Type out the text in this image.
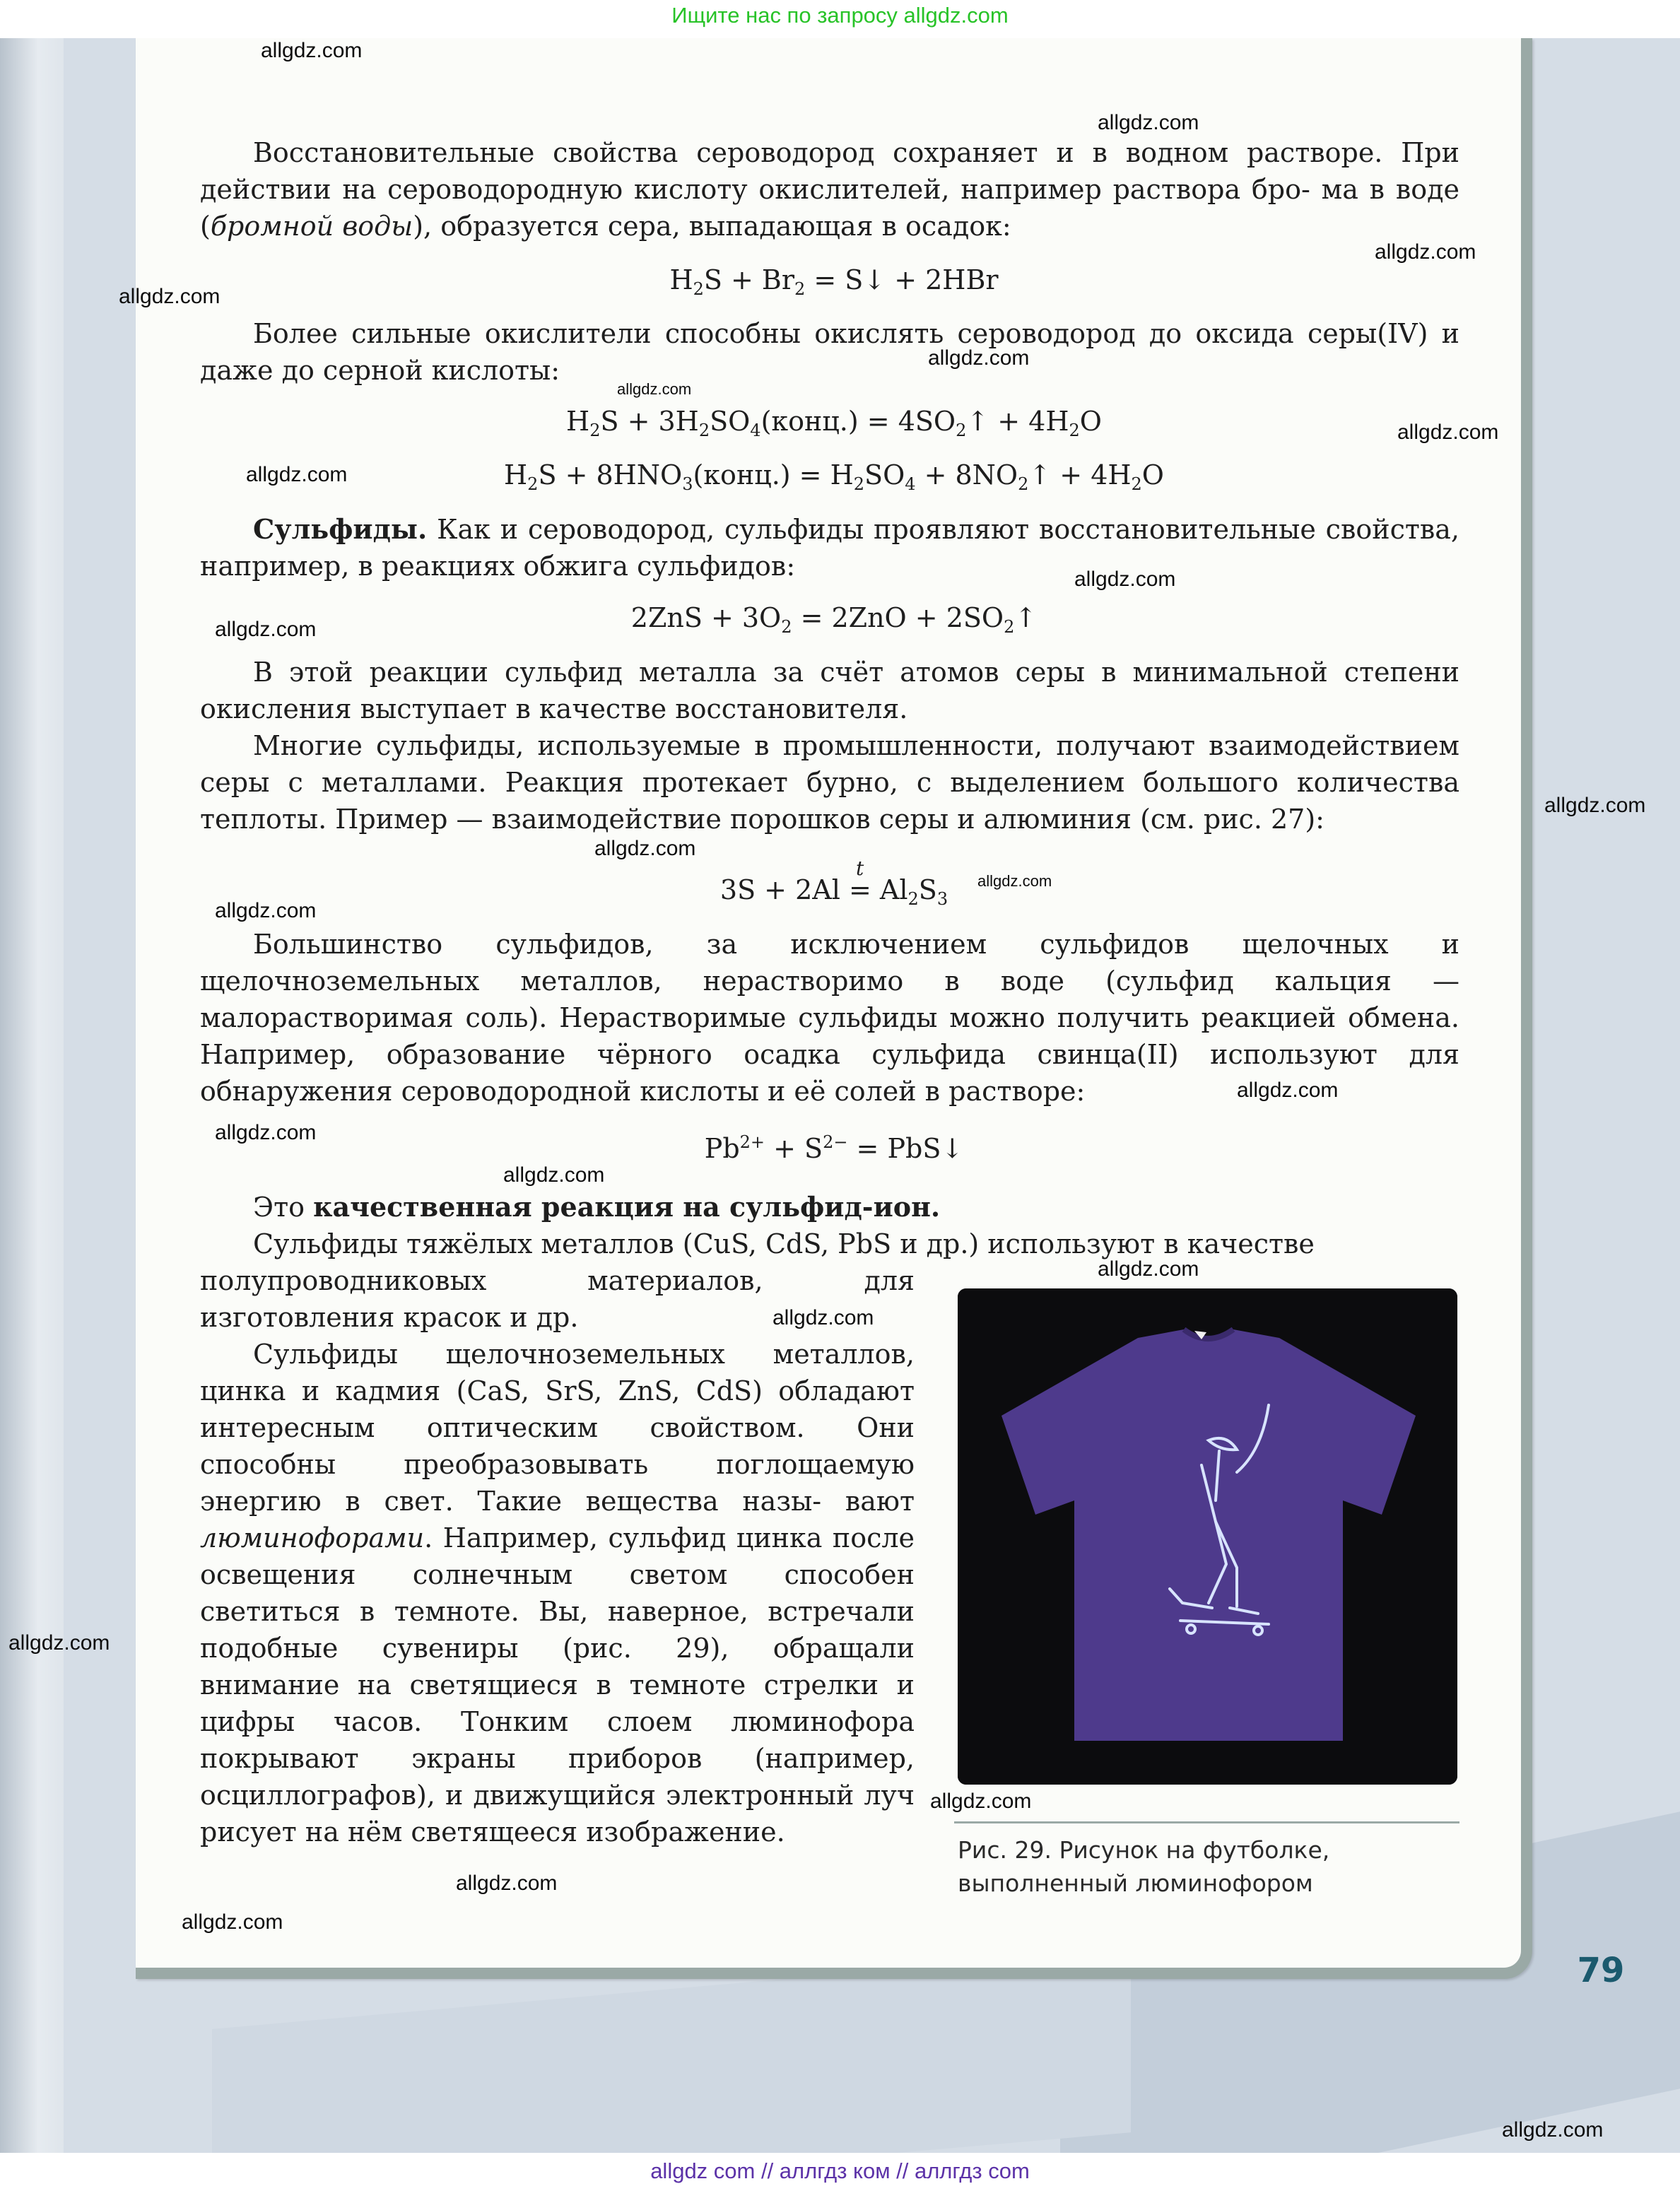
Ищите нас по запросу allgdz.com
79

Восстановительные свойства сероводород сохраняет и в водном растворе. При действии на сероводородную кислоту окислителей, например раствора бро- ма в воде (бромной воды), образуется сера, выпадающая в осадок:

$H_2S + Br_2$ = S↓ + 2HBr

Более сильные окислители способны окислять сероводород до оксида серы(IV) и даже до серной кислоты:

$H_2S$ + $3H_2SO_4(конц.)$ = $4SO_2↑ + 4H_2O$
$H_2S$ + $8HNO_3(конц.) = H_2SO_4$ + $8NO_2↑ + 4H_2O$

Сульфиды. Как и сероводород, сульфиды проявляют восстановительные свойства, например, в реакциях обжига сульфидов:

$2ZnS + 3O_2 = 2ZnO$ + $2SO_2↑$

В этой реакции сульфид металла за счёт атомов серы в минимальной степени окисления выступает в качестве восстановителя.

Многие сульфиды, используемые в промышленности, получают взаимодействием серы с металлами. Реакция протекает бурно, с выделением большого количества теплоты. Пример — взаимодействие порошков серы и алюминия (см. рис. 27):

3S + 2Al
t
= $Al_2S_3$

Большинство сульфидов, за исключением сульфидов щелочных и щелочноземельных металлов, нерастворимо в воде (сульфид кальция — малорастворимая соль). Нерастворимые сульфиды можно получить реакцией обмена. Например, образование чёрного осадка сульфида свинца(II) используют для обнаружения сероводородной кислоты и её солей в растворе:

$Pb^{2+} + S^{2-}$ = PbS↓

Это качественная реакция на сульфид-ион.

Сульфиды тяжёлых металлов (CuS, CdS, PbS и др.) используют в качестве

полупроводниковых материалов, для изготовления красок и др.

Сульфиды щелочноземельных металлов, цинка и кадмия (CaS, SrS, ZnS, CdS) обладают интересным оптическим свойством. Они способны преобразовывать поглощаемую энергию в свет. Такие вещества назы- вают люминофорами. Например, сульфид цинка после освещения солнечным светом способен светиться в темноте. Вы, наверное, встречали подобные сувениры (рис. 29), обращали внимание на светящиеся в темноте стрелки и цифры часов. Тонким слоем люминофора покрывают экраны приборов (например, осциллографов), и движущийся электронный луч рисует на нём светящееся изображение.

Рис. 29. Рисунок на футболке,
выполненный люминофором
allgdz.com
allgdz.com
allgdz.com
allgdz.com
allgdz.com
allgdz.com
allgdz.com
allgdz.com
allgdz.com
allgdz.com
allgdz.com
allgdz.com
allgdz.com
allgdz.com
allgdz.com
allgdz.com
allgdz.com
allgdz.com
allgdz.com
allgdz.com
allgdz.com
allgdz.com
allgdz.com
allgdz.com
allgdz com // аллгдз ком // аллгдз com
